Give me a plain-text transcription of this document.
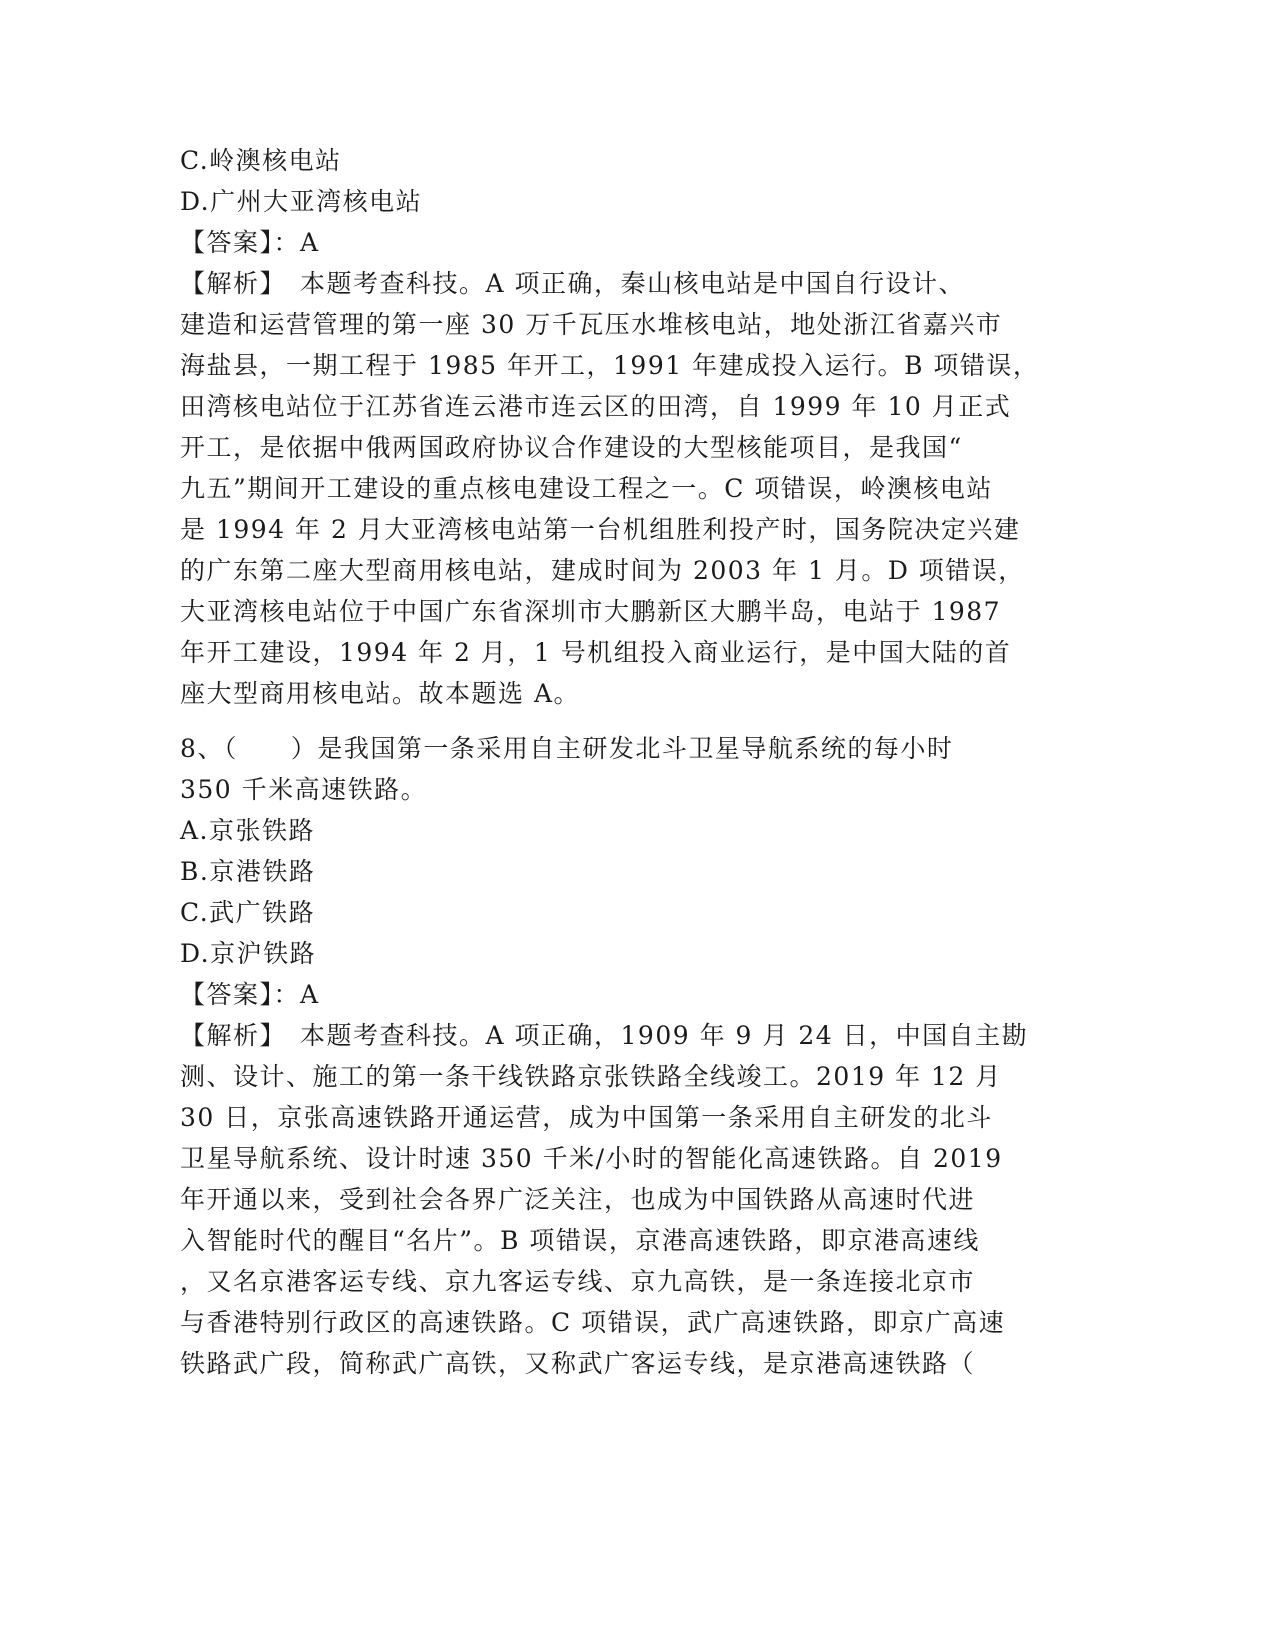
C.岭澳核电站
D.广州大亚湾核电站
【答案】：A
【解析】　本题考查科技。A 项正确，秦山核电站是中国自行设计、
建造和运营管理的第一座 30 万千瓦压水堆核电站，地处浙江省嘉兴市
海盐县，一期工程于 1985 年开工，1991 年建成投入运行。B 项错误，
田湾核电站位于江苏省连云港市连云区的田湾，自 1999 年 10 月正式
开工，是依据中俄两国政府协议合作建设的大型核能项目，是我国“
九五”期间开工建设的重点核电建设工程之一。C 项错误，岭澳核电站
是 1994 年 2 月大亚湾核电站第一台机组胜利投产时，国务院决定兴建
的广东第二座大型商用核电站，建成时间为 2003 年 1 月。D 项错误，
大亚湾核电站位于中国广东省深圳市大鹏新区大鹏半岛，电站于 1987
年开工建设，1994 年 2 月，1 号机组投入商业运行，是中国大陆的首
座大型商用核电站。故本题选 A。
8、（　　）是我国第一条采用自主研发北斗卫星导航系统的每小时
350 千米高速铁路。
A.京张铁路
B.京港铁路
C.武广铁路
D.京沪铁路
【答案】：A
【解析】　本题考查科技。A 项正确，1909 年 9 月 24 日，中国自主勘
测、设计、施工的第一条干线铁路京张铁路全线竣工。2019 年 12 月
30 日，京张高速铁路开通运营，成为中国第一条采用自主研发的北斗
卫星导航系统、设计时速 350 千米/小时的智能化高速铁路。自 2019
年开通以来，受到社会各界广泛关注，也成为中国铁路从高速时代进
入智能时代的醒目“名片”。B 项错误，京港高速铁路，即京港高速线
，又名京港客运专线、京九客运专线、京九高铁，是一条连接北京市
与香港特别行政区的高速铁路。C 项错误，武广高速铁路，即京广高速
铁路武广段，简称武广高铁，又称武广客运专线，是京港高速铁路（
